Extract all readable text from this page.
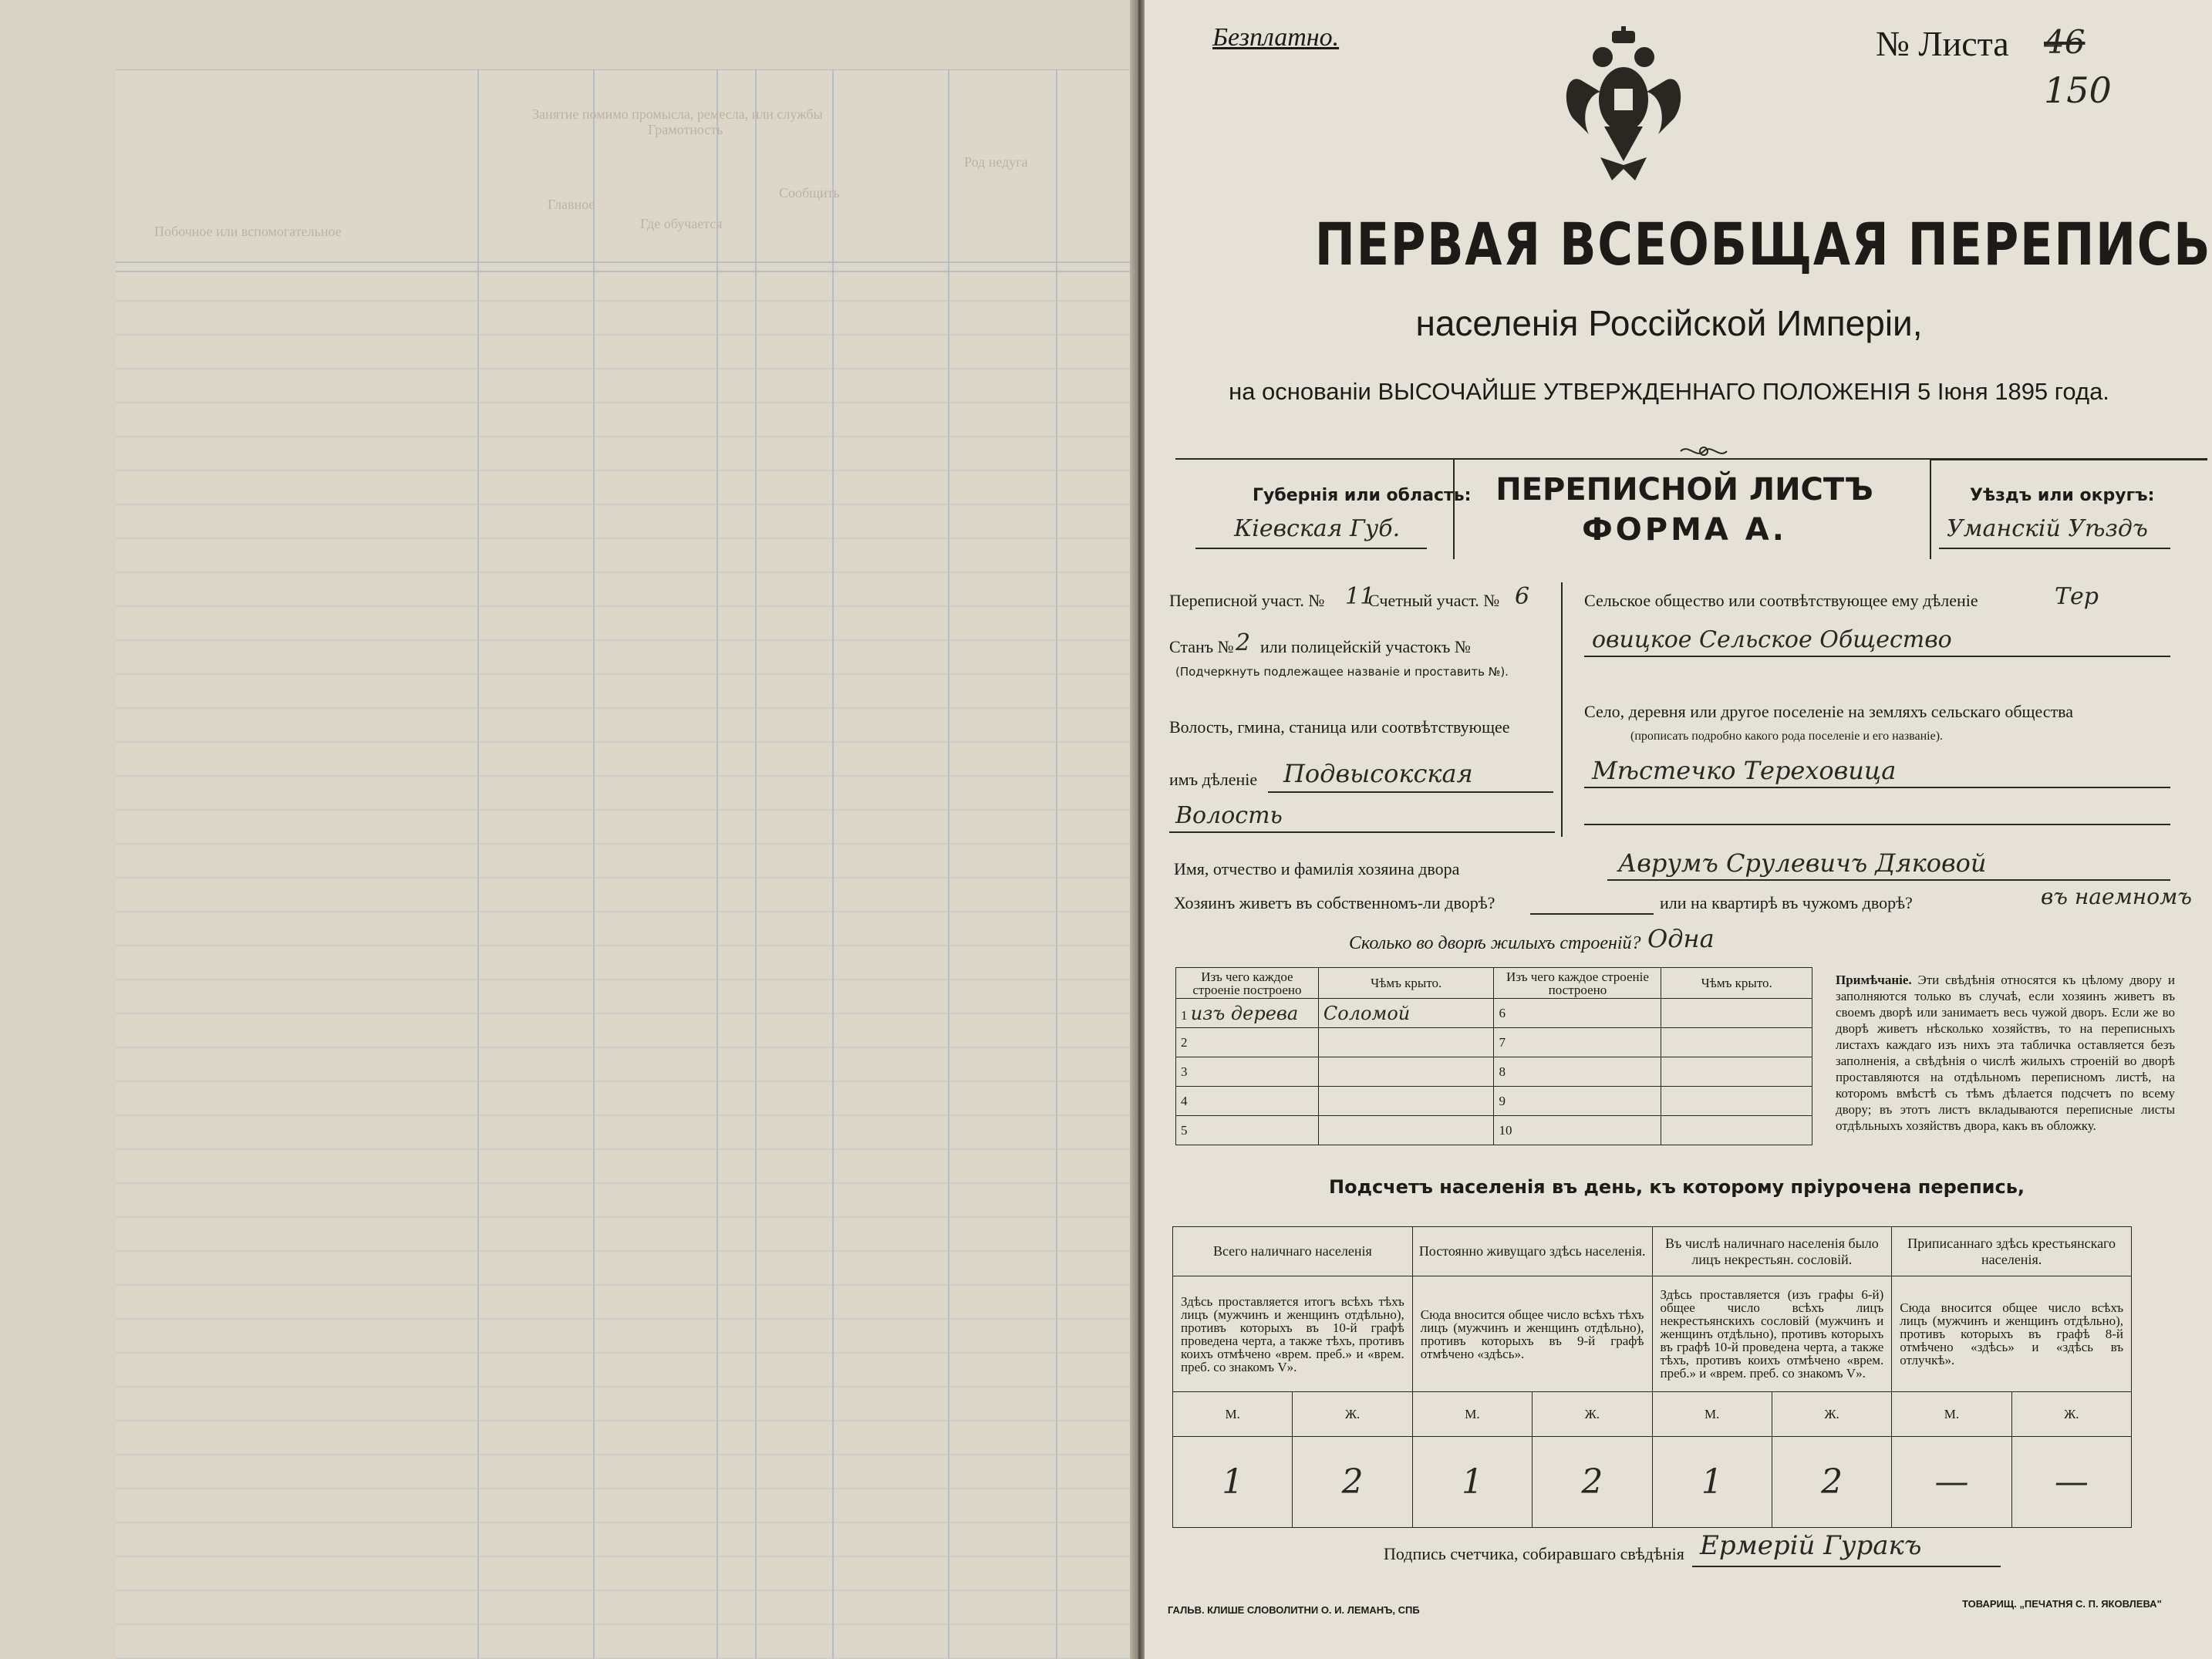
Занятие помимо промысла, ремесла, или службы
Грамотность
Сообщить
Род недуга
Главное
Побочное или вспомогательное	Где обучается
Безплатно.	№ Листа 46
150
ПЕРВАЯ ВСЕОБЩАЯ ПЕРЕПИСЬ
населенія Россійской Имперіи,
на основаніи ВЫСОЧАЙШЕ УТВЕРЖДЕННАГО ПОЛОЖЕНІЯ 5 Іюня 1895 года.
Губернія или область:
Кіевская Губ.
ПЕРЕПИСНОЙ ЛИСТЪ
ФОРМА А.
Уѣздъ или округъ:
Уманскій Уѣздъ
Переписной участ. № 11
Счетный участ. № 6
Станъ № 2 или полицейскій участокъ №
(Подчеркнуть подлежащее названіе и проставить №).
Волость, гмина, станица или соотвѣтствующее
имъ дѣленіе Подвысокская
Волость
Сельское общество или соотвѣтствующее ему дѣленіе	Тер
овицкое Сельское Общество
Село, деревня или другое поселеніе на земляхъ сельскаго общества
(прописать подробно какого рода поселеніе и его названіе).
Мѣстечко Тереховица
Имя, отчество и фамилія хозяина двора	Аврумъ Срулевичъ Дяковой
Хозяинъ живетъ въ собственномъ-ли дворѣ?	или на квартирѣ въ чужомъ дворѣ?	въ наемномъ
Сколько во дворѣ жилыхъ строеній? Одна
Изъ чего каждое строеніе построено	Чѣмъ крыто.	Изъ чего каждое строеніе построено	Чѣмъ крыто.
1 изъ дерева	Соломой	6	
2		7	
3		8	
4		9	
5		10	
Примѣчаніе. Эти свѣдѣнія относятся къ цѣлому двору и заполняются только въ случаѣ, если хозяинъ живетъ въ своемъ дворѣ или занимаетъ весь чужой дворъ. Если же во дворѣ живетъ нѣсколько хозяйствъ, то на переписныхъ листахъ каждаго изъ нихъ эта табличка оставляется безъ заполненія, а свѣдѣнія о числѣ жилыхъ строеній во дворѣ проставляются на отдѣльномъ переписномъ листѣ, на которомъ вмѣстѣ съ тѣмъ дѣлается подсчетъ по всему двору; въ этотъ листъ вкладываются переписные листы отдѣльныхъ хозяйствъ двора, какъ въ обложку.
Подсчетъ населенія въ день, къ которому пріурочена перепись,
Всего наличнаго населенія		Постоянно живущаго здѣсь населенія.		Въ числѣ наличнаго населенія было лицъ некрестьян. сословій.		Приписаннаго здѣсь крестьянскаго населенія.	
Здѣсь проставляется итогъ всѣхъ тѣхъ лицъ (мужчинъ и женщинъ отдѣльно), противъ которыхъ въ 10-й графѣ проведена черта, а также тѣхъ, противъ коихъ отмѣчено «врем. преб.» и «врем. преб. со знакомъ V».		Сюда вносится общее число всѣхъ тѣхъ лицъ (мужчинъ и женщинъ отдѣльно), противъ которыхъ въ 9-й графѣ отмѣчено «здѣсь».		Здѣсь проставляется (изъ графы 6-й) общее число всѣхъ лицъ некрестьянскихъ сословій (мужчинъ и женщинъ отдѣльно), противъ которыхъ въ графѣ 10-й проведена черта, а также тѣхъ, противъ коихъ отмѣчено «врем. преб.» и «врем. преб. со знакомъ V».		Сюда вносится общее число всѣхъ лицъ (мужчинъ и женщинъ отдѣльно), противъ которыхъ въ графѣ 8-й отмѣчено «здѣсь» и «здѣсь въ отлучкѣ».	
М.	Ж.	М.	Ж.	М.	Ж.	М.	Ж.
1	2	1	2	1	2	—	—
Подпись счетчика, собиравшаго свѣдѣнія Ермерій Гуракъ
ГАЛЬВ. КЛИШЕ СЛОВОЛИТНИ О. И. ЛЕМАНЪ, СПБ
ТОВАРИЩ. „ПЕЧАТНЯ С. П. ЯКОВЛЕВА"
